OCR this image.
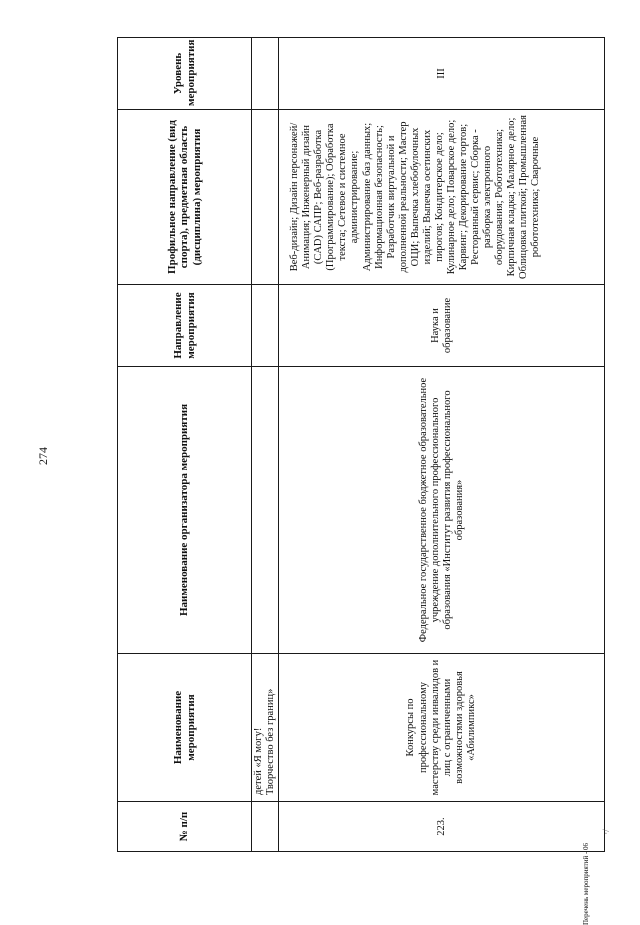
274
№ п/п	Наименование мероприятия	Наименование организатора мероприятия	Направление мероприятия	Профильное направление (вид спорта), предметная область (дисциплина) мероприятия	Уровень мероприятия

	детей «Я могу! Творчество без границ»				

223.	Конкурсы по профессиональному мастерству среди инвалидов и лиц с ограниченными возможностями здоровья «Абилимпикс»	Федеральное государственное бюджетное образовательное учреждение дополнительного профессионального образования «Институт развития профессионального образования»	Наука и образование	Веб-дизайн; Дизайн персонажей/Анимация; Инженерный дизайн (CAD) САПР; Веб-разработка (Программирование); Обработка текста; Сетевое и системное администрирование; Администрирование баз данных; Информационная безопасность; Разработчик виртуальной и дополненной реальности; Мастер ОЦИ; Выпечка хлебобулочных изделий; Выпечка осетинских пирогов; Кондитерское дело; Кулинарное дело; Поварское дело; Карвинг; Декорирование тортов; Ресторанный сервис; Сборка - разборка электронного оборудования; Робототехника; Кирпичная кладка; Малярное дело; Облицовка плиткой; Промышленная робототехника; Сварочные	III
Перечень мероприятий - 06
·/
